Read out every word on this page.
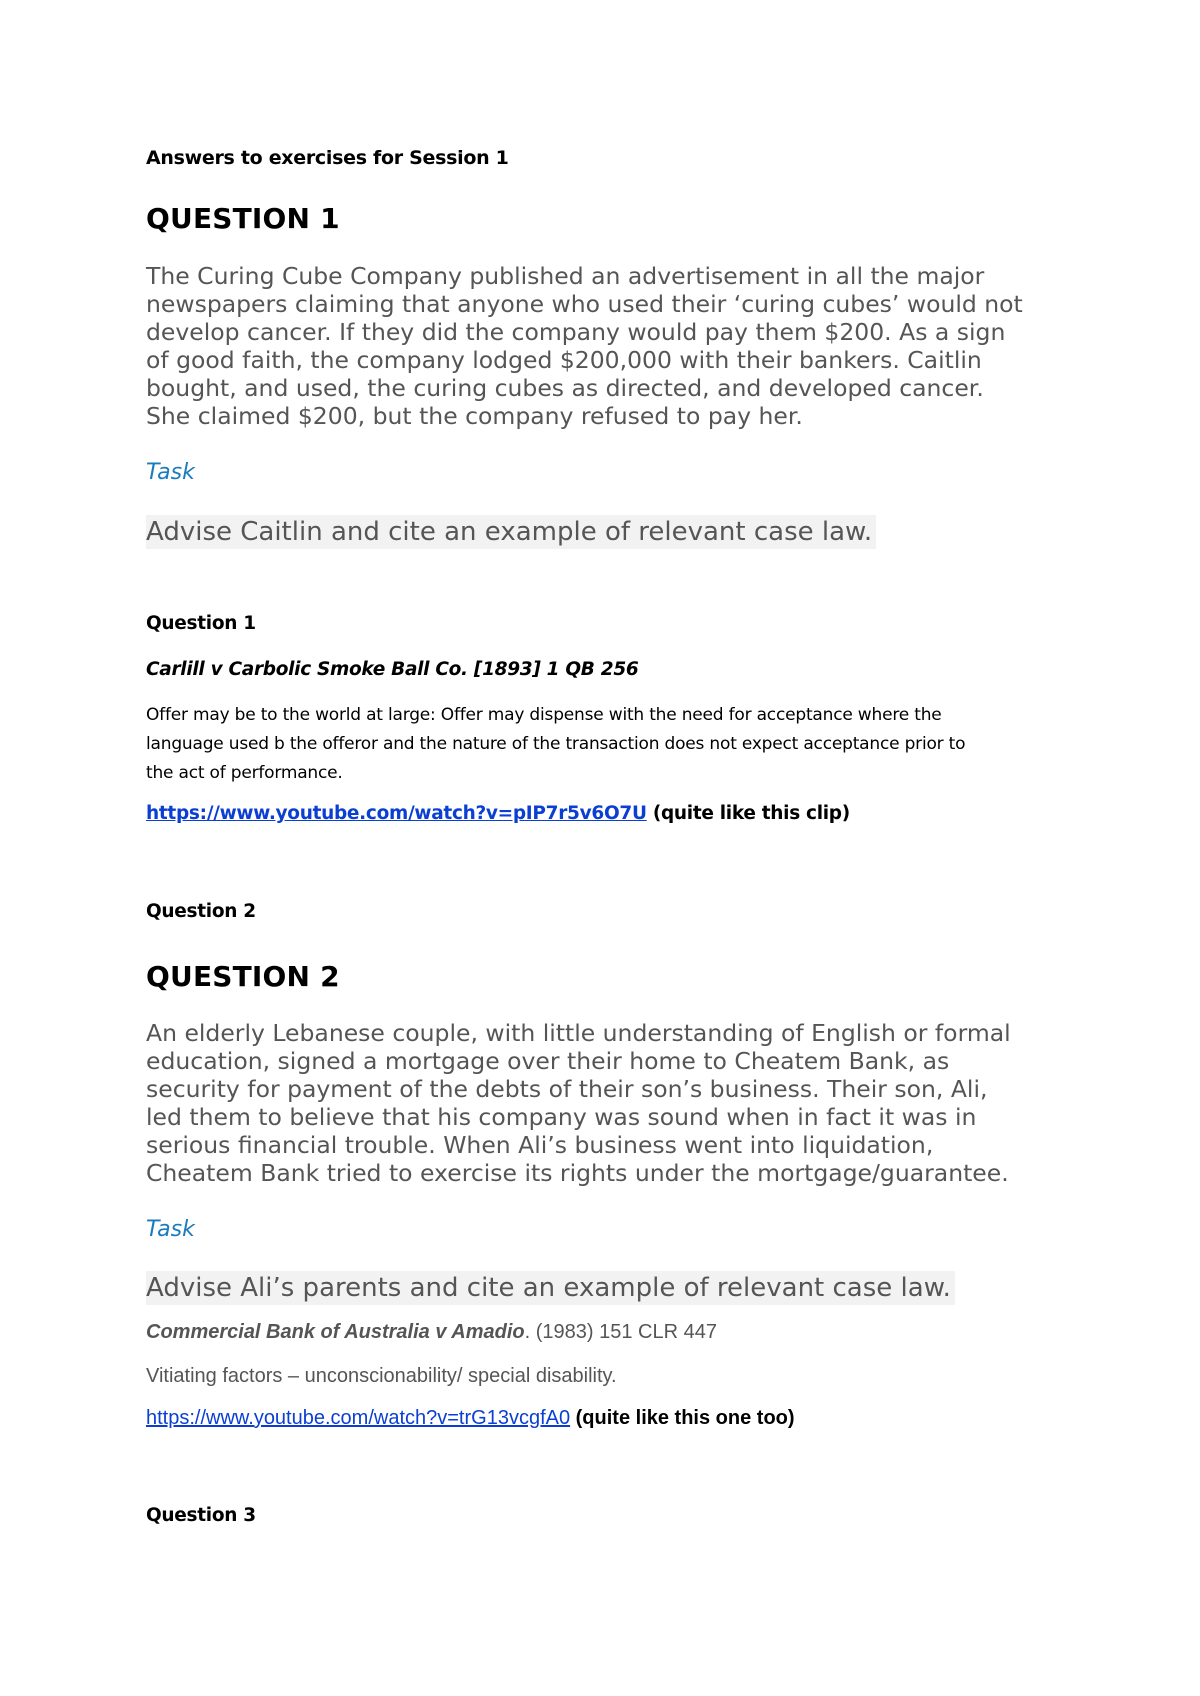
Answers to exercises for Session 1

QUESTION 1

The Curing Cube Company published an advertisement in all the major

newspapers claiming that anyone who used their ‘curing cubes’ would not

develop cancer. If they did the company would pay them $200. As a sign

of good faith, the company lodged $200,000 with their bankers. Caitlin

bought, and used, the curing cubes as directed, and developed cancer.

She claimed $200, but the company refused to pay her.

Task

Advise Caitlin and cite an example of relevant case law.

Question 1

Carlill v Carbolic Smoke Ball Co. [1893] 1 QB 256

Offer may be to the world at large: Offer may dispense with the need for acceptance where the

language used b the offeror and the nature of the transaction does not expect acceptance prior to

the act of performance.

https://www.youtube.com/watch?v=pIP7r5v6O7U (quite like this clip)

Question 2

QUESTION 2

An elderly Lebanese couple, with little understanding of English or formal

education, signed a mortgage over their home to Cheatem Bank, as

security for payment of the debts of their son’s business. Their son, Ali,

led them to believe that his company was sound when in fact it was in

serious financial trouble. When Ali’s business went into liquidation,

Cheatem Bank tried to exercise its rights under the mortgage/guarantee.

Task

Advise Ali’s parents and cite an example of relevant case law.

Commercial Bank of Australia v Amadio. (1983) 151 CLR 447

Vitiating factors – unconscionability/ special disability.

https://www.youtube.com/watch?v=trG13vcgfA0 (quite like this one too)

Question 3
